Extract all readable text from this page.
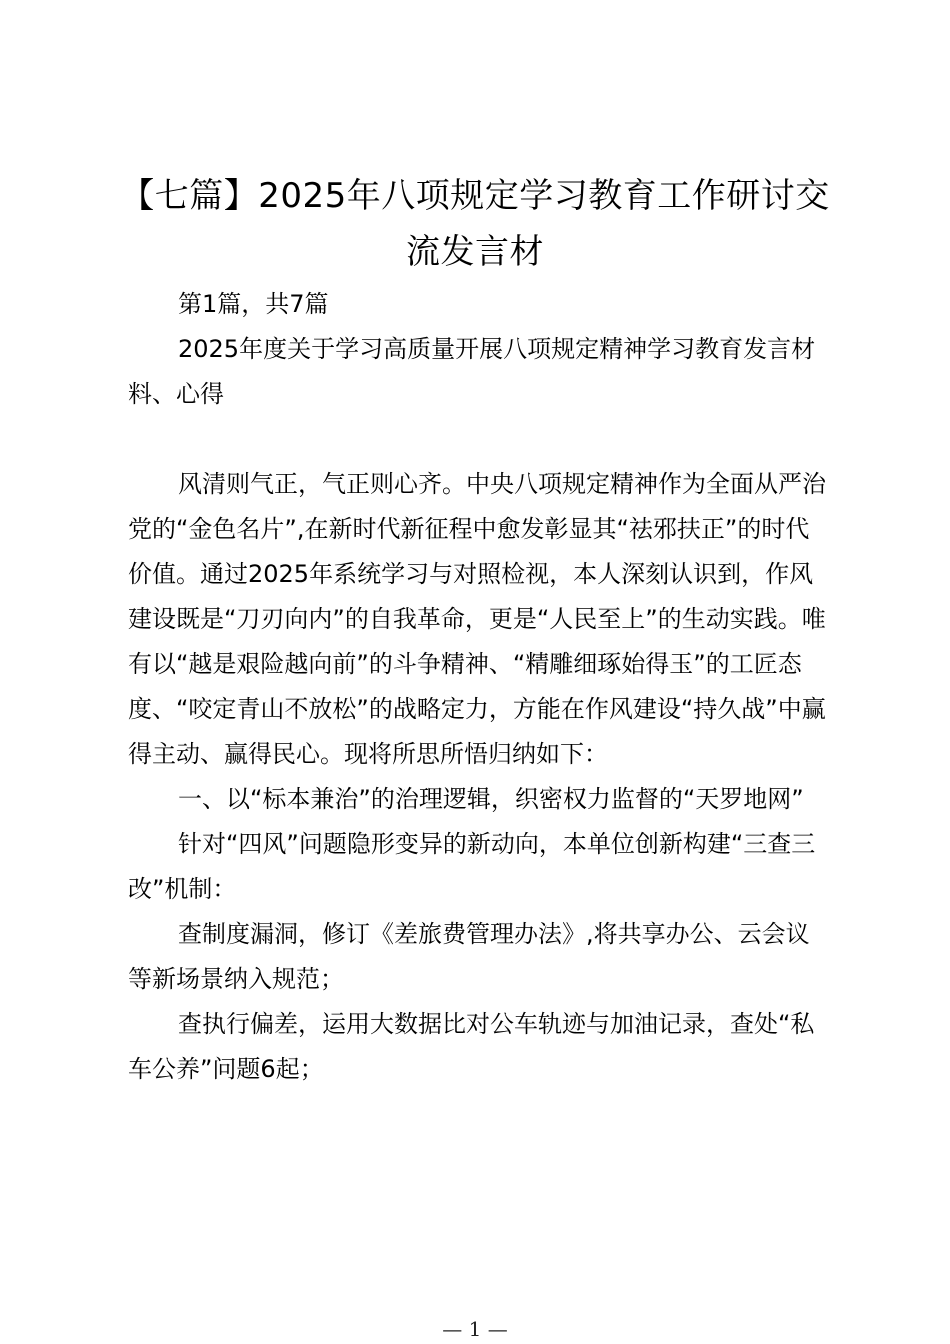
【七篇】2025年八项规定学习教育工作研讨交流发言材

第1篇，共7篇

2025年度关于学习高质量开展八项规定精神学习教育发言材料、心得

风清则气正，气正则心齐。中央八项规定精神作为全面从严治党的“金色名片”,在新时代新征程中愈发彰显其“祛邪扶正”的时代价值。通过2025年系统学习与对照检视，本人深刻认识到，作风建设既是“刀刃向内”的自我革命，更是“人民至上”的生动实践。唯有以“越是艰险越向前”的斗争精神、“精雕细琢始得玉”的工匠态度、“咬定青山不放松”的战略定力，方能在作风建设“持久战”中赢得主动、赢得民心。现将所思所悟归纳如下：

一、以“标本兼治”的治理逻辑，织密权力监督的“天罗地网”

针对“四风”问题隐形变异的新动向，本单位创新构建“三查三改”机制：

查制度漏洞，修订《差旅费管理办法》,将共享办公、云会议等新场景纳入规范；

查执行偏差，运用大数据比对公车轨迹与加油记录，查处“私车公养”问题6起；

— 1 —
